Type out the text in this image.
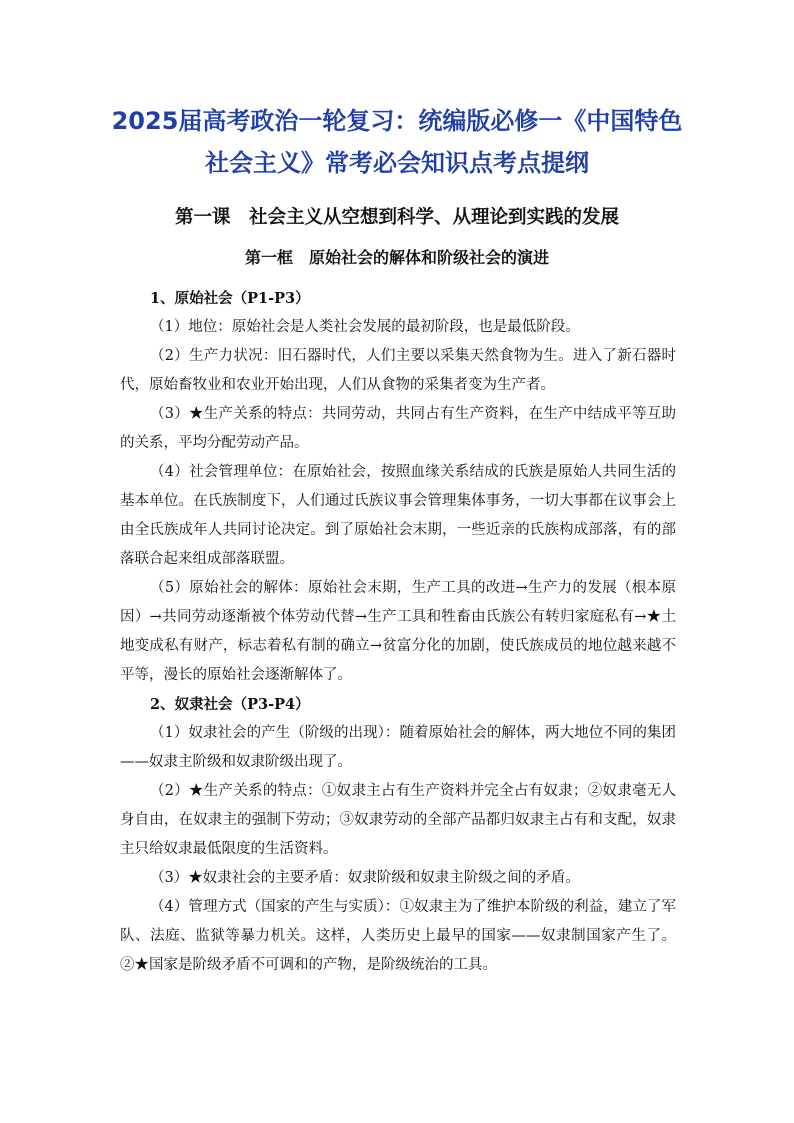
2025届高考政治一轮复习：统编版必修一《中国特色社会主义》常考必会知识点考点提纲
第一课　社会主义从空想到科学、从理论到实践的发展
第一框　原始社会的解体和阶级社会的演进

1、原始社会（P1-P3）

（1）地位：原始社会是人类社会发展的最初阶段，也是最低阶段。

（2）生产力状况：旧石器时代，人们主要以采集天然食物为生。进入了新石器时代，原始畜牧业和农业开始出现，人们从食物的采集者变为生产者。

（3）★生产关系的特点：共同劳动，共同占有生产资料，在生产中结成平等互助的关系，平均分配劳动产品。

（4）社会管理单位：在原始社会，按照血缘关系结成的氏族是原始人共同生活的基本单位。在氏族制度下，人们通过氏族议事会管理集体事务，一切大事都在议事会上由全氏族成年人共同讨论决定。到了原始社会末期，一些近亲的氏族构成部落，有的部落联合起来组成部落联盟。

（5）原始社会的解体：原始社会末期，生产工具的改进→生产力的发展（根本原因）→共同劳动逐渐被个体劳动代替→生产工具和牲畜由氏族公有转归家庭私有→★土地变成私有财产，标志着私有制的确立→贫富分化的加剧，使氏族成员的地位越来越不平等，漫长的原始社会逐渐解体了。

2、奴隶社会（P3-P4）

（1）奴隶社会的产生（阶级的出现）：随着原始社会的解体，两大地位不同的集团——奴隶主阶级和奴隶阶级出现了。

（2）★生产关系的特点：①奴隶主占有生产资料并完全占有奴隶；②奴隶毫无人身自由，在奴隶主的强制下劳动；③奴隶劳动的全部产品都归奴隶主占有和支配，奴隶主只给奴隶最低限度的生活资料。

（3）★奴隶社会的主要矛盾：奴隶阶级和奴隶主阶级之间的矛盾。

（4）管理方式（国家的产生与实质）：①奴隶主为了维护本阶级的利益，建立了军队、法庭、监狱等暴力机关。这样，人类历史上最早的国家——奴隶制国家产生了。②★国家是阶级矛盾不可调和的产物，是阶级统治的工具。
